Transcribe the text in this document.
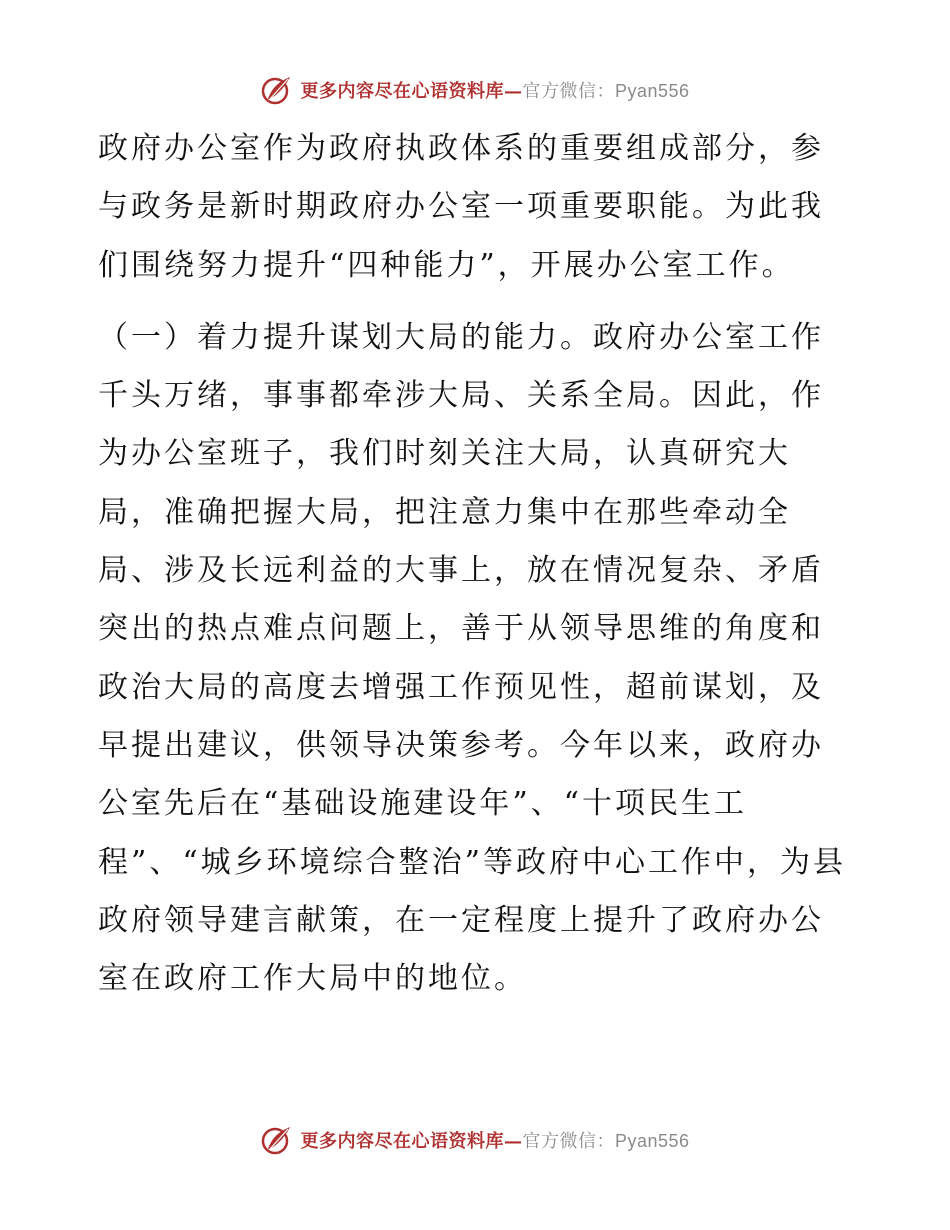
更多内容尽在心语资料库—官方微信：Pyan556

政府办公室作为政府执政体系的重要组成部分，参与政务是新时期政府办公室一项重要职能。为此我们围绕努力提升“四种能力”，开展办公室工作。

（一）着力提升谋划大局的能力。政府办公室工作千头万绪，事事都牵涉大局、关系全局。因此，作为办公室班子，我们时刻关注大局，认真研究大局，准确把握大局，把注意力集中在那些牵动全局、涉及长远利益的大事上，放在情况复杂、矛盾突出的热点难点问题上，善于从领导思维的角度和政治大局的高度去增强工作预见性，超前谋划，及早提出建议，供领导决策参考。今年以来，政府办公室先后在“基础设施建设年”、“十项民生工程”、“城乡环境综合整治”等政府中心工作中，为县政府领导建言献策，在一定程度上提升了政府办公室在政府工作大局中的地位。

更多内容尽在心语资料库—官方微信：Pyan556
